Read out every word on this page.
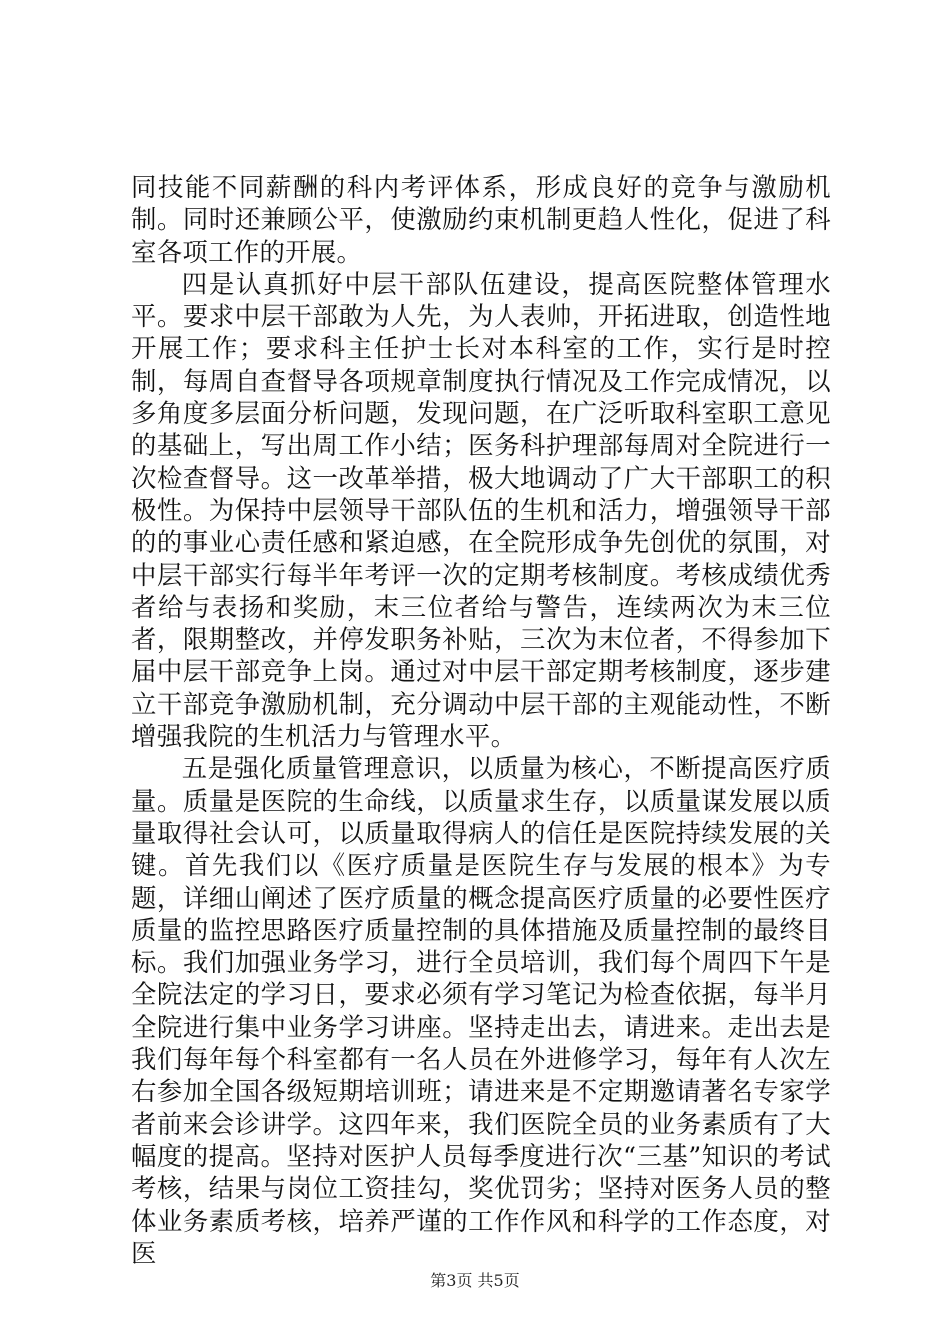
同技能不同薪酬的科内考评体系，形成良好的竞争与激励机制。同时还兼顾公平，使激励约束机制更趋人性化，促进了科室各项工作的开展。

四是认真抓好中层干部队伍建设，提高医院整体管理水平。要求中层干部敢为人先，为人表帅，开拓进取，创造性地开展工作；要求科主任护士长对本科室的工作，实行是时控制，每周自查督导各项规章制度执行情况及工作完成情况，以多角度多层面分析问题，发现问题，在广泛听取科室职工意见的基础上，写出周工作小结；医务科护理部每周对全院进行一次检查督导。这一改革举措，极大地调动了广大干部职工的积极性。为保持中层领导干部队伍的生机和活力，增强领导干部的的事业心责任感和紧迫感，在全院形成争先创优的氛围，对中层干部实行每半年考评一次的定期考核制度。考核成绩优秀者给与表扬和奖励，末三位者给与警告，连续两次为末三位者，限期整改，并停发职务补贴，三次为末位者，不得参加下届中层干部竞争上岗。通过对中层干部定期考核制度，逐步建立干部竞争激励机制，充分调动中层干部的主观能动性，不断增强我院的生机活力与管理水平。

五是强化质量管理意识，以质量为核心，不断提高医疗质量。质量是医院的生命线，以质量求生存，以质量谋发展以质量取得社会认可，以质量取得病人的信任是医院持续发展的关键。首先我们以《医疗质量是医院生存与发展的根本》为专题，详细山阐述了医疗质量的概念提高医疗质量的必要性医疗质量的监控思路医疗质量控制的具体措施及质量控制的最终目标。我们加强业务学习，进行全员培训，我们每个周四下午是全院法定的学习日，要求必须有学习笔记为检查依据，每半月全院进行集中业务学习讲座。坚持走出去，请进来。走出去是我们每年每个科室都有一名人员在外进修学习，每年有人次左右参加全国各级短期培训班；请进来是不定期邀请著名专家学者前来会诊讲学。这四年来，我们医院全员的业务素质有了大幅度的提高。坚持对医护人员每季度进行次“三基”知识的考试考核，结果与岗位工资挂勾，奖优罚劣；坚持对医务人员的整体业务素质考核，培养严谨的工作作风和科学的工作态度，对医

第3页 共5页
